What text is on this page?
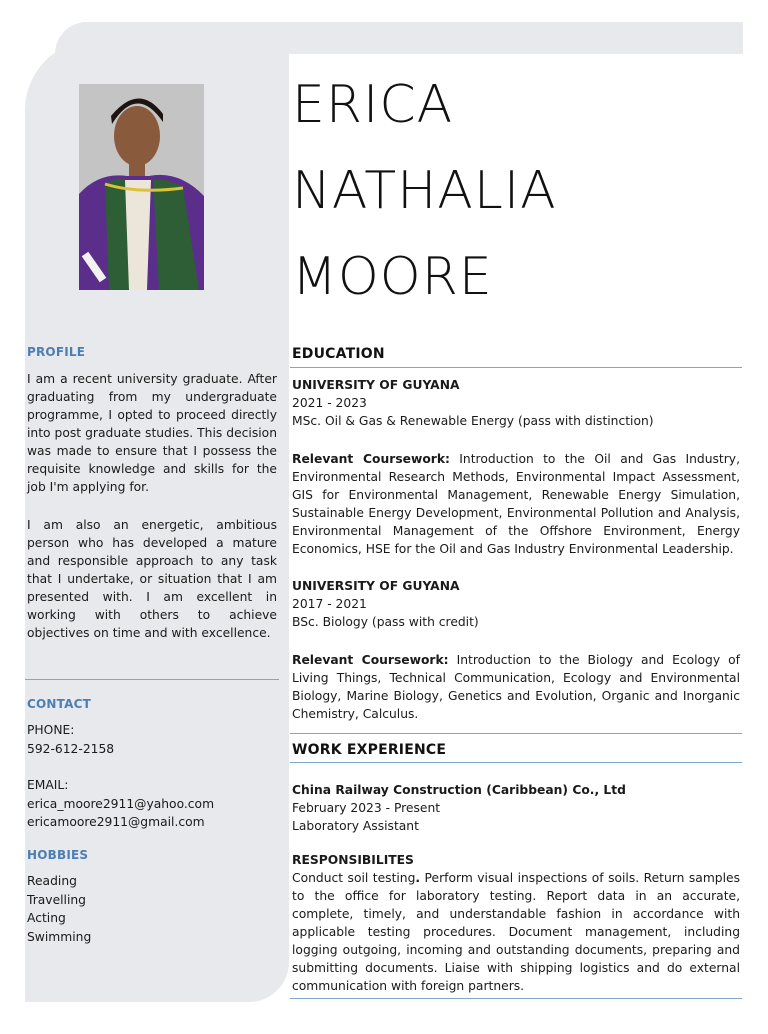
ERICA
NATHALIA
MOORE
PROFILE
I am a recent university graduate. After graduating from my undergraduate programme, I opted to proceed directly into post graduate studies. This decision was made to ensure that I possess the requisite knowledge and skills for the job I'm applying for.
I am also an energetic, ambitious person who has developed a mature and responsible approach to any task that I undertake, or situation that I am presented with. I am excellent in working with others to achieve objectives on time and with excellence.
CONTACT
PHONE:
592-612-2158
EMAIL:
erica_moore2911@yahoo.com
ericamoore2911@gmail.com
HOBBIES
Reading
Travelling
Acting
Swimming
EDUCATION
UNIVERSITY OF GUYANA
2021 - 2023
MSc. Oil & Gas & Renewable Energy (pass with distinction)
Relevant Coursework: Introduction to the Oil and Gas Industry, Environmental Research Methods, Environmental Impact Assessment, GIS for Environmental Management, Renewable Energy Simulation, Sustainable Energy Development, Environmental Pollution and Analysis, Environmental Management of the Offshore Environment, Energy Economics, HSE for the Oil and Gas Industry Environmental Leadership.
UNIVERSITY OF GUYANA
2017 - 2021
BSc. Biology (pass with credit)
Relevant Coursework: Introduction to the Biology and Ecology of Living Things, Technical Communication, Ecology and Environmental Biology, Marine Biology, Genetics and Evolution, Organic and Inorganic Chemistry, Calculus.
WORK EXPERIENCE
China Railway Construction (Caribbean) Co., Ltd
February 2023 - Present
Laboratory Assistant
RESPONSIBILITES
Conduct soil testing. Perform visual inspections of soils. Return samples to the office for laboratory testing. Report data in an accurate, complete, timely, and understandable fashion in accordance with applicable testing procedures. Document management, including logging outgoing, incoming and outstanding documents, preparing and submitting documents. Liaise with shipping logistics and do external communication with foreign partners.
